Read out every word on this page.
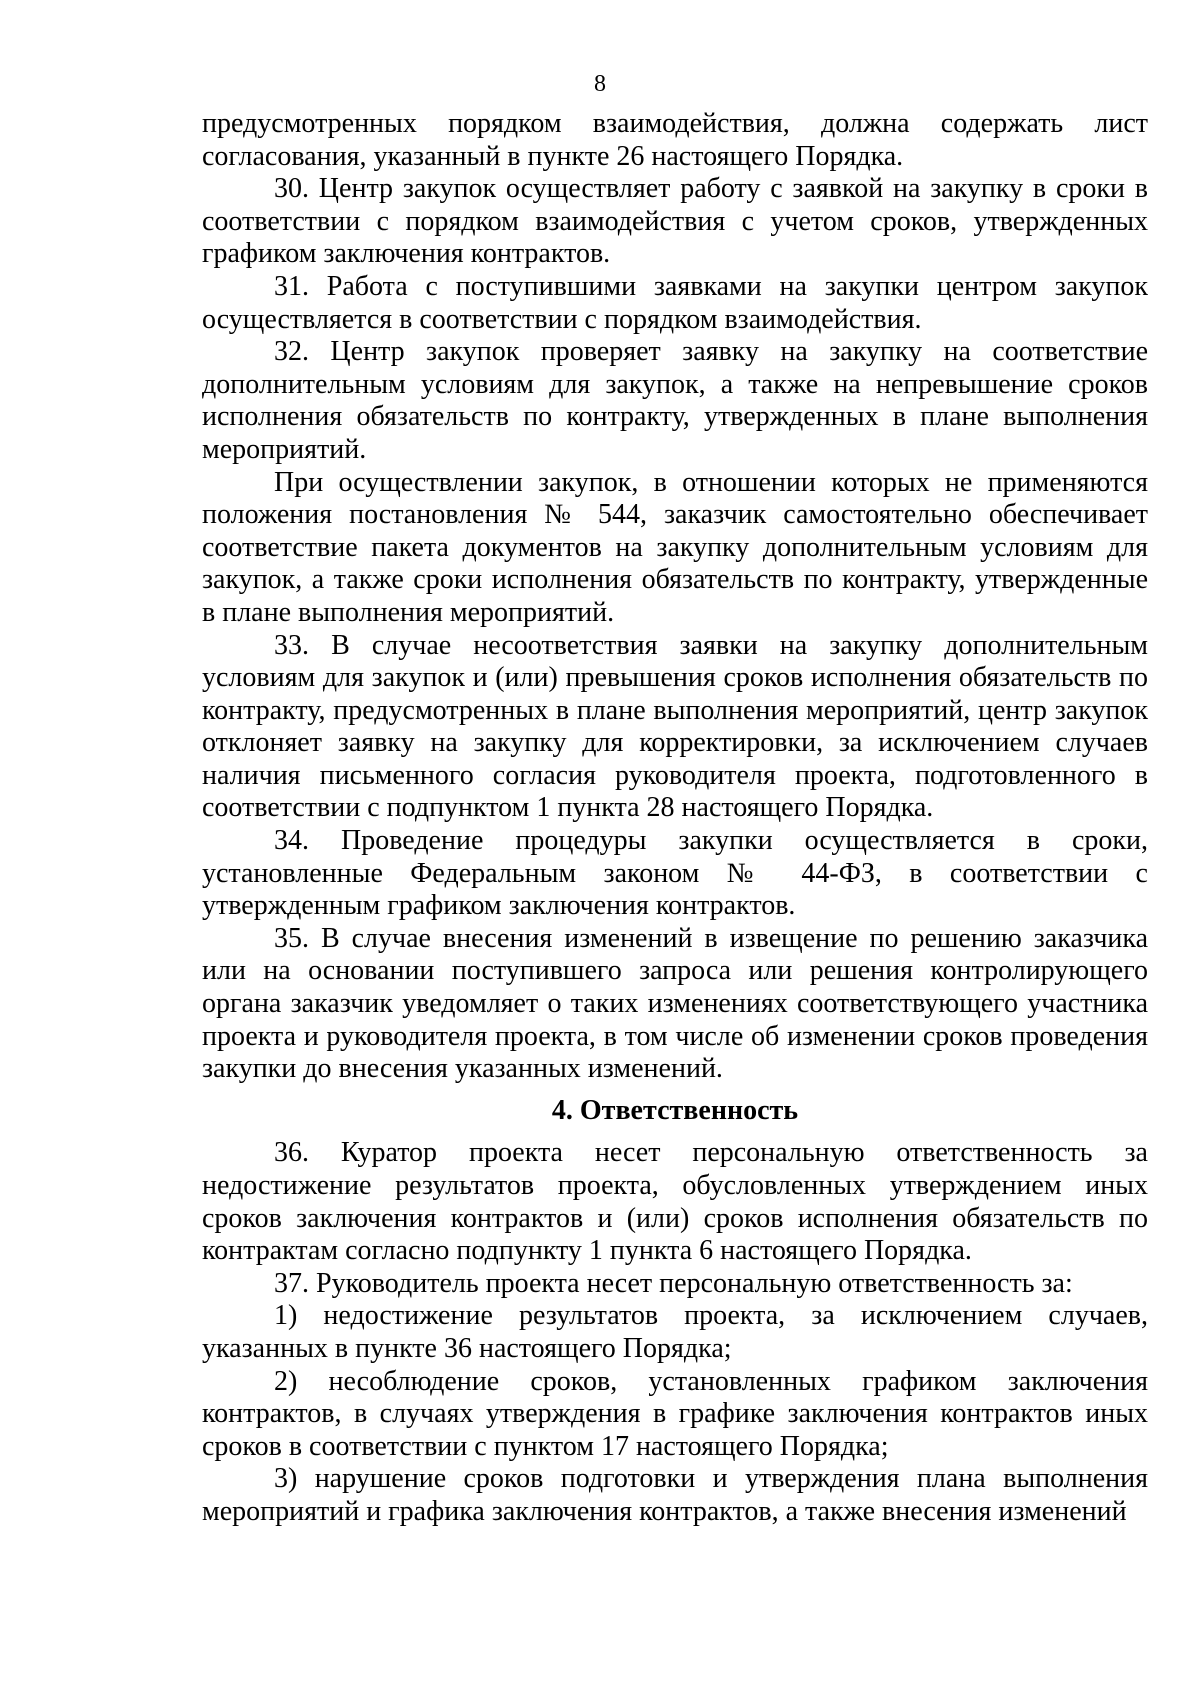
8

предусмотренных порядком взаимодействия, должна содержать лист согласования, указанный в пункте 26 настоящего Порядка.

30. Центр закупок осуществляет работу с заявкой на закупку в сроки в соответствии с порядком взаимодействия с учетом сроков, утвержденных графиком заключения контрактов.

31. Работа с поступившими заявками на закупки центром закупок осуществляется в соответствии с порядком взаимодействия.

32. Центр закупок проверяет заявку на закупку на соответствие дополнительным условиям для закупок, а также на непревышение сроков исполнения обязательств по контракту, утвержденных в плане выполнения мероприятий.

При осуществлении закупок, в отношении которых не применяются положения постановления № 544, заказчик самостоятельно обеспечивает соответствие пакета документов на закупку дополнительным условиям для закупок, а также сроки исполнения обязательств по контракту, утвержденные в плане выполнения мероприятий.

33. В случае несоответствия заявки на закупку дополнительным условиям для закупок и (или) превышения сроков исполнения обязательств по контракту, предусмотренных в плане выполнения мероприятий, центр закупок отклоняет заявку на закупку для корректировки, за исключением случаев наличия письменного согласия руководителя проекта, подготовленного в соответствии с подпунктом 1 пункта 28 настоящего Порядка.

34. Проведение процедуры закупки осуществляется в сроки, установленные Федеральным законом № 44-ФЗ, в соответствии с утвержденным графиком заключения контрактов.

35. В случае внесения изменений в извещение по решению заказчика или на основании поступившего запроса или решения контролирующего органа заказчик уведомляет о таких изменениях соответствующего участника проекта и руководителя проекта, в том числе об изменении сроков проведения закупки до внесения указанных изменений.

4. Ответственность

36. Куратор проекта несет персональную ответственность за недостижение результатов проекта, обусловленных утверждением иных сроков заключения контрактов и (или) сроков исполнения обязательств по контрактам согласно подпункту 1 пункта 6 настоящего Порядка.

37. Руководитель проекта несет персональную ответственность за:

1) недостижение результатов проекта, за исключением случаев, указанных в пункте 36 настоящего Порядка;

2) несоблюдение сроков, установленных графиком заключения контрактов, в случаях утверждения в графике заключения контрактов иных сроков в соответствии с пунктом 17 настоящего Порядка;

3) нарушение сроков подготовки и утверждения плана выполнения мероприятий и графика заключения контрактов, а также внесения изменений
